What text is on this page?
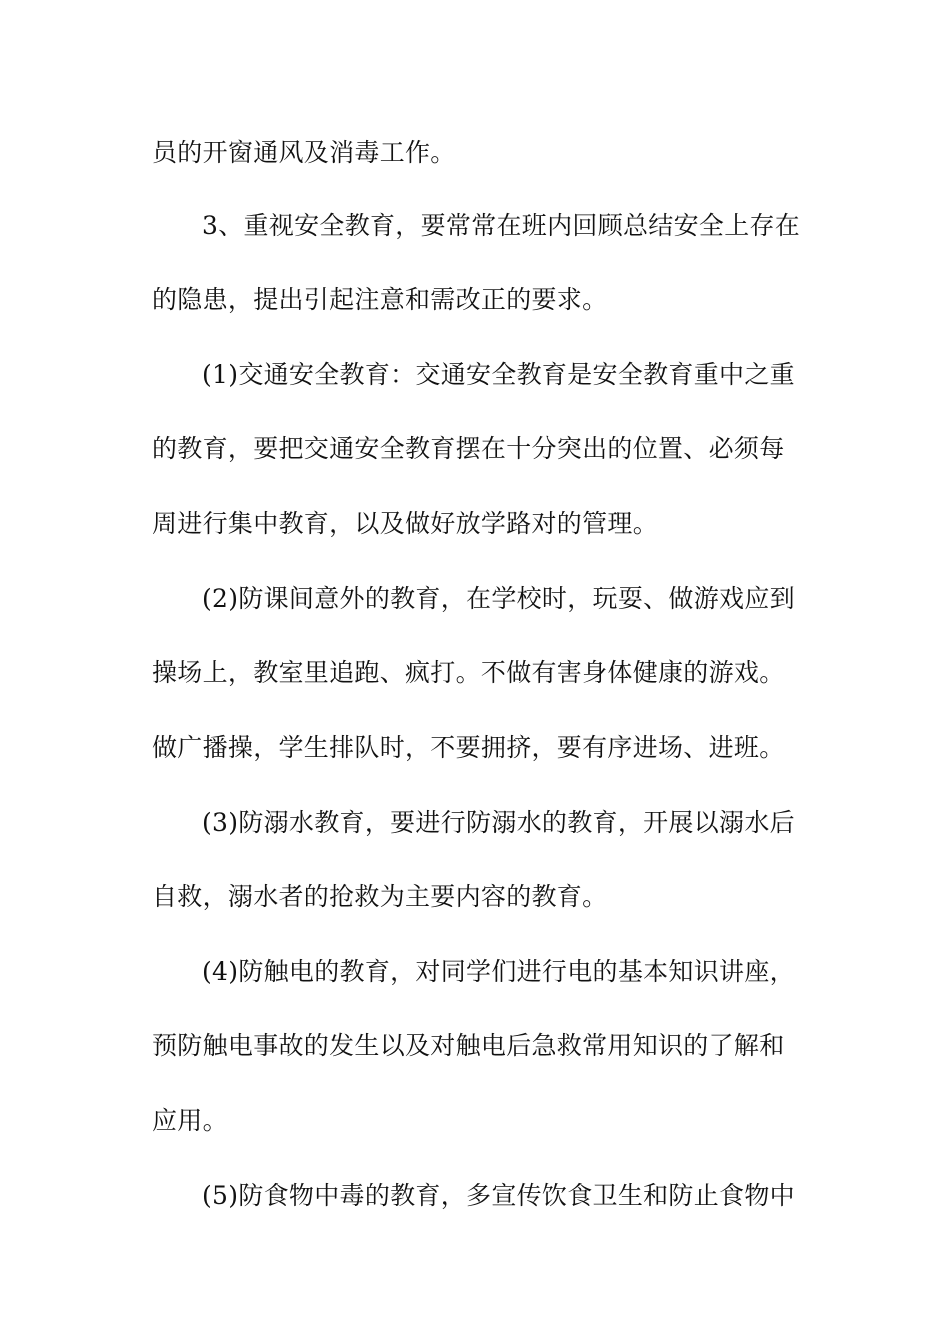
员的开窗通风及消毒工作。
3、重视安全教育，要常常在班内回顾总结安全上存在
的隐患，提出引起注意和需改正的要求。
(1)交通安全教育：交通安全教育是安全教育重中之重
的教育，要把交通安全教育摆在十分突出的位置、必须每
周进行集中教育，以及做好放学路对的管理。
(2)防课间意外的教育，在学校时，玩耍、做游戏应到
操场上，教室里追跑、疯打。不做有害身体健康的游戏。
做广播操，学生排队时，不要拥挤，要有序进场、进班。
(3)防溺水教育，要进行防溺水的教育，开展以溺水后
自救，溺水者的抢救为主要内容的教育。
(4)防触电的教育，对同学们进行电的基本知识讲座，
预防触电事故的发生以及对触电后急救常用知识的了解和
应用。
(5)防食物中毒的教育，多宣传饮食卫生和防止食物中
